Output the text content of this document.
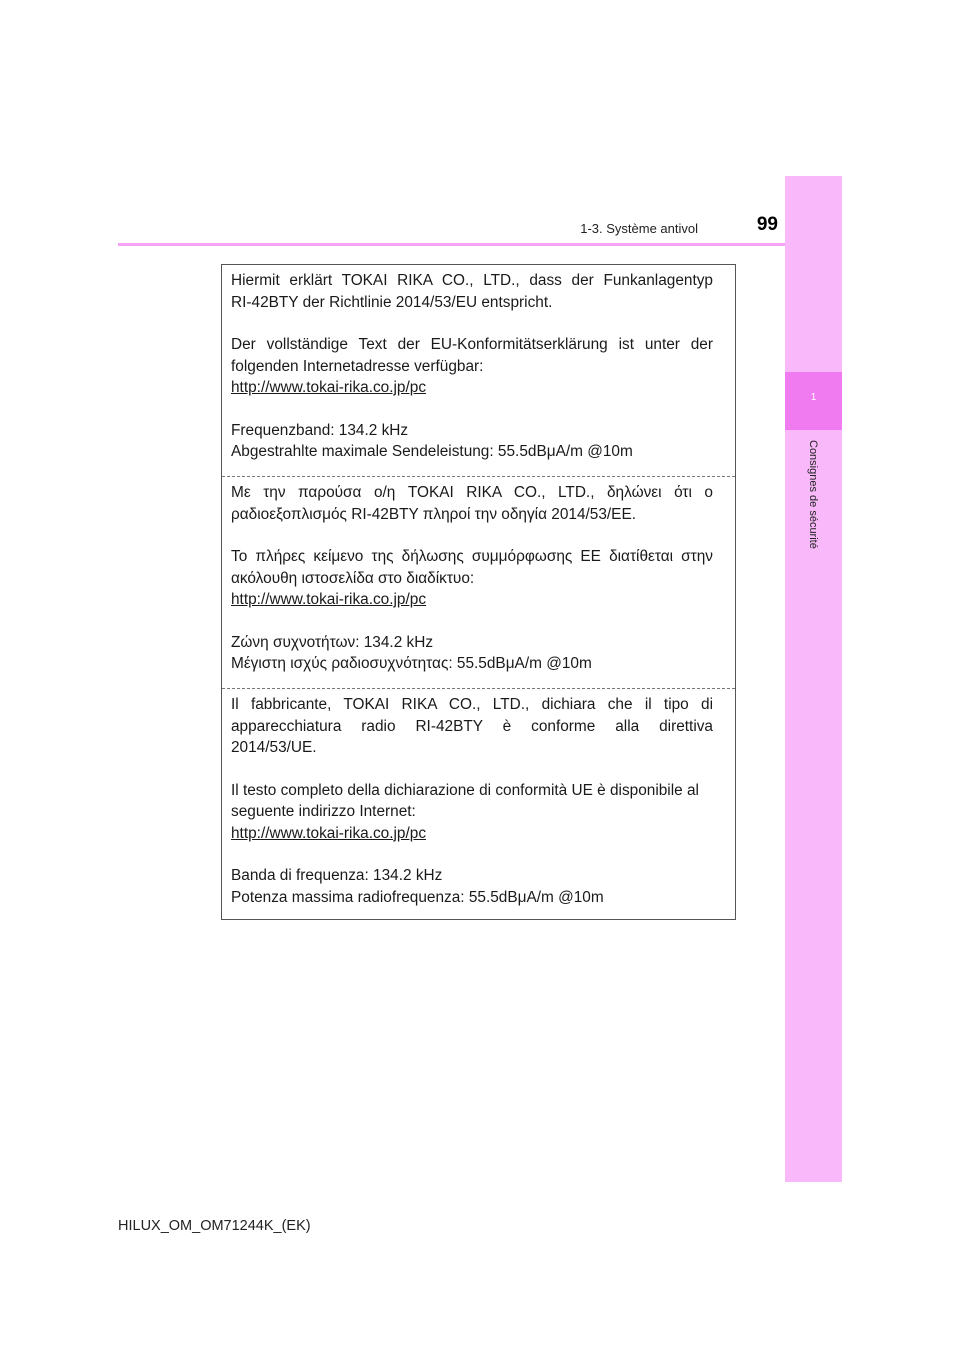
1-3. Système antivol	99
1
Consignes de sécurité

Hiermit erklärt TOKAI RIKA CO., LTD., dass der Funkanlagentyp

RI-42BTY der Richtlinie 2014/53/EU entspricht.

Der vollständige Text der EU-Konformitätserklärung ist unter der

folgenden Internetadresse verfügbar:

http://www.tokai-rika.co.jp/pc

Frequenzband: 134.2 kHz

Abgestrahlte maximale Sendeleistung: 55.5dBμA/m @10m

Με την παρούσα ο/η TOKAI RIKA CO., LTD., δηλώνει ότι ο

ραδιοεξοπλισμός RI-42BTY πληροί την οδηγία 2014/53/ΕΕ.

Το πλήρες κείμενο της δήλωσης συμμόρφωσης ΕΕ διατίθεται στην

ακόλουθη ιστοσελίδα στο διαδίκτυο:

http://www.tokai-rika.co.jp/pc

Ζώνη συχνοτήτων: 134.2 kHz

Μέγιστη ισχύς ραδιοσυχνότητας: 55.5dBμA/m @10m

Il fabbricante, TOKAI RIKA CO., LTD., dichiara che il tipo di

apparecchiatura radio RI-42BTY è conforme alla direttiva

2014/53/UE.

Il testo completo della dichiarazione di conformità UE è disponibile al

seguente indirizzo Internet:

http://www.tokai-rika.co.jp/pc

Banda di frequenza: 134.2 kHz

Potenza massima radiofrequenza: 55.5dBμA/m @10m

HILUX_OM_OM71244K_(EK)
